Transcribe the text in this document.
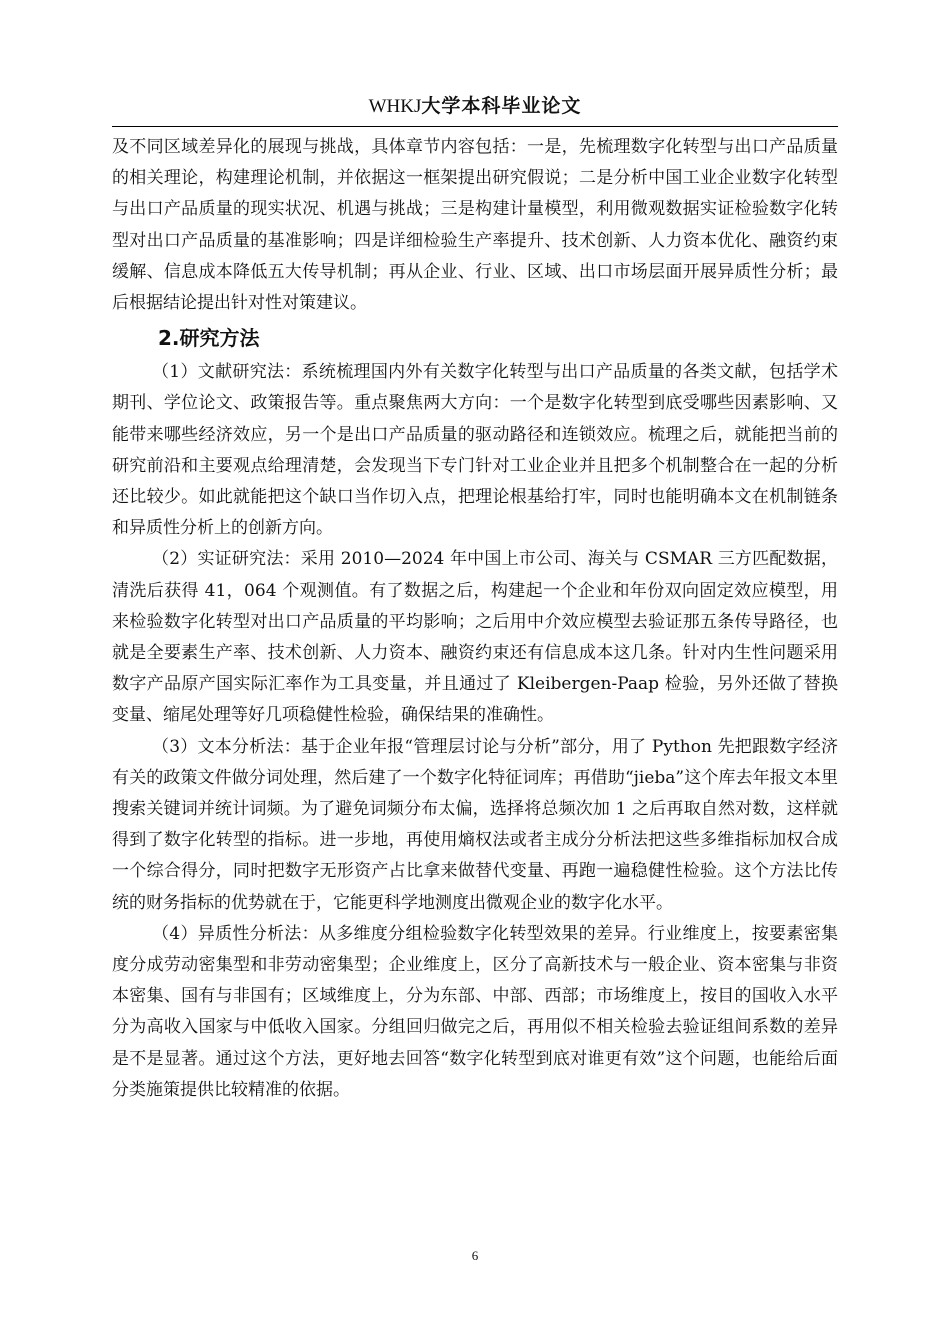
WHKJ大学本科毕业论文

及不同区域差异化的展现与挑战，具体章节内容包括：一是，先梳理数字化转型与出口产品质量的相关理论，构建理论机制，并依据这一框架提出研究假说；二是分析中国工业企业数字化转型与出口产品质量的现实状况、机遇与挑战；三是构建计量模型，利用微观数据实证检验数字化转型对出口产品质量的基准影响；四是详细检验生产率提升、技术创新、人力资本优化、融资约束缓解、信息成本降低五大传导机制；再从企业、行业、区域、出口市场层面开展异质性分析；最后根据结论提出针对性对策建议。

2.研究方法

（1）文献研究法：系统梳理国内外有关数字化转型与出口产品质量的各类文献，包括学术期刊、学位论文、政策报告等。重点聚焦两大方向：一个是数字化转型到底受哪些因素影响、又能带来哪些经济效应，另一个是出口产品质量的驱动路径和连锁效应。梳理之后，就能把当前的研究前沿和主要观点给理清楚，会发现当下专门针对工业企业并且把多个机制整合在一起的分析还比较少。如此就能把这个缺口当作切入点，把理论根基给打牢，同时也能明确本文在机制链条和异质性分析上的创新方向。

（2）实证研究法：采用 2010—2024 年中国上市公司、海关与 CSMAR 三方匹配数据，清洗后获得 41，064 个观测值。有了数据之后，构建起一个企业和年份双向固定效应模型，用来检验数字化转型对出口产品质量的平均影响；之后用中介效应模型去验证那五条传导路径，也就是全要素生产率、技术创新、人力资本、融资约束还有信息成本这几条。针对内生性问题采用数字产品原产国实际汇率作为工具变量，并且通过了 Kleibergen-Paap 检验，另外还做了替换变量、缩尾处理等好几项稳健性检验，确保结果的准确性。

（3）文本分析法：基于企业年报“管理层讨论与分析”部分，用了 Python 先把跟数字经济有关的政策文件做分词处理，然后建了一个数字化特征词库；再借助“jieba”这个库去年报文本里搜索关键词并统计词频。为了避免词频分布太偏，选择将总频次加 1 之后再取自然对数，这样就得到了数字化转型的指标。进一步地，再使用熵权法或者主成分分析法把这些多维指标加权合成一个综合得分，同时把数字无形资产占比拿来做替代变量、再跑一遍稳健性检验。这个方法比传统的财务指标的优势就在于，它能更科学地测度出微观企业的数字化水平。

（4）异质性分析法：从多维度分组检验数字化转型效果的差异。行业维度上，按要素密集度分成劳动密集型和非劳动密集型；企业维度上，区分了高新技术与一般企业、资本密集与非资本密集、国有与非国有；区域维度上，分为东部、中部、西部；市场维度上，按目的国收入水平分为高收入国家与中低收入国家。分组回归做完之后，再用似不相关检验去验证组间系数的差异是不是显著。通过这个方法，更好地去回答“数字化转型到底对谁更有效”这个问题，也能给后面分类施策提供比较精准的依据。

6
